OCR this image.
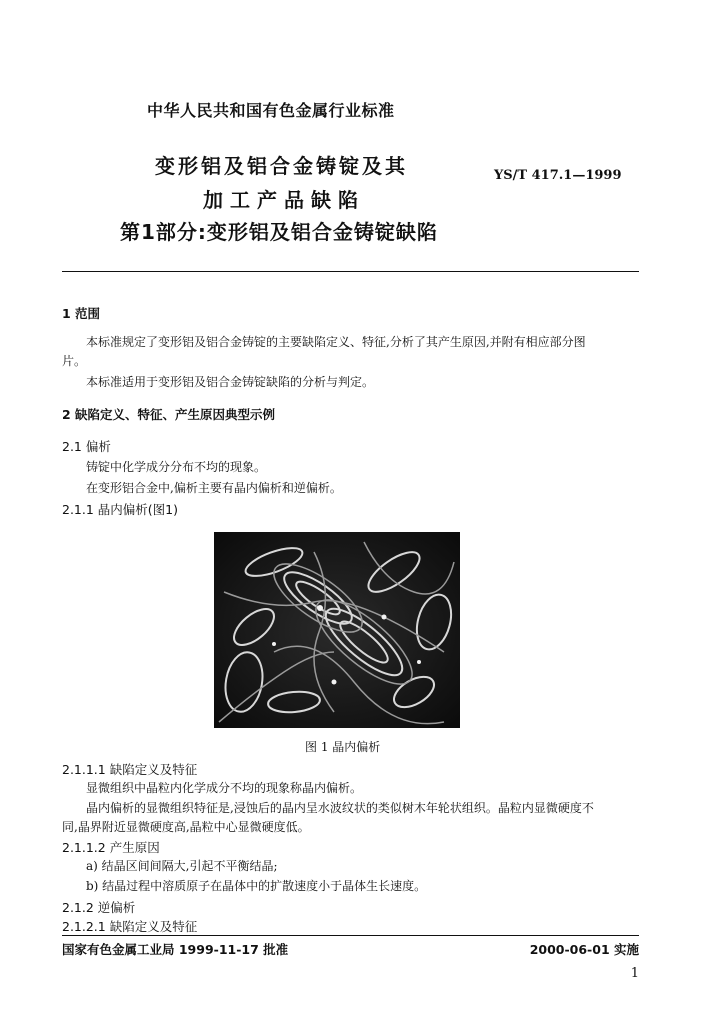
中华人民共和国有色金属行业标准
变形铝及铝合金铸锭及其
加工产品缺陷
第1部分:变形铝及铝合金铸锭缺陷
YS/T 417.1—1999
1 范围
本标准规定了变形铝及铝合金铸锭的主要缺陷定义、特征,分析了其产生原因,并附有相应部分图
片。
本标准适用于变形铝及铝合金铸锭缺陷的分析与判定。
2 缺陷定义、特征、产生原因典型示例
2.1 偏析
铸锭中化学成分分布不均的现象。
在变形铝合金中,偏析主要有晶内偏析和逆偏析。
2.1.1 晶内偏析(图1)
图 1 晶内偏析
2.1.1.1 缺陷定义及特征
显微组织中晶粒内化学成分不均的现象称晶内偏析。
晶内偏析的显微组织特征是,浸蚀后的晶内呈水波纹状的类似树木年轮状组织。晶粒内显微硬度不
同,晶界附近显微硬度高,晶粒中心显微硬度低。
2.1.1.2 产生原因
a) 结晶区间间隔大,引起不平衡结晶;
b) 结晶过程中溶质原子在晶体中的扩散速度小于晶体生长速度。
2.1.2 逆偏析
2.1.2.1 缺陷定义及特征
国家有色金属工业局 1999-11-17 批准	2000-06-01 实施
1
